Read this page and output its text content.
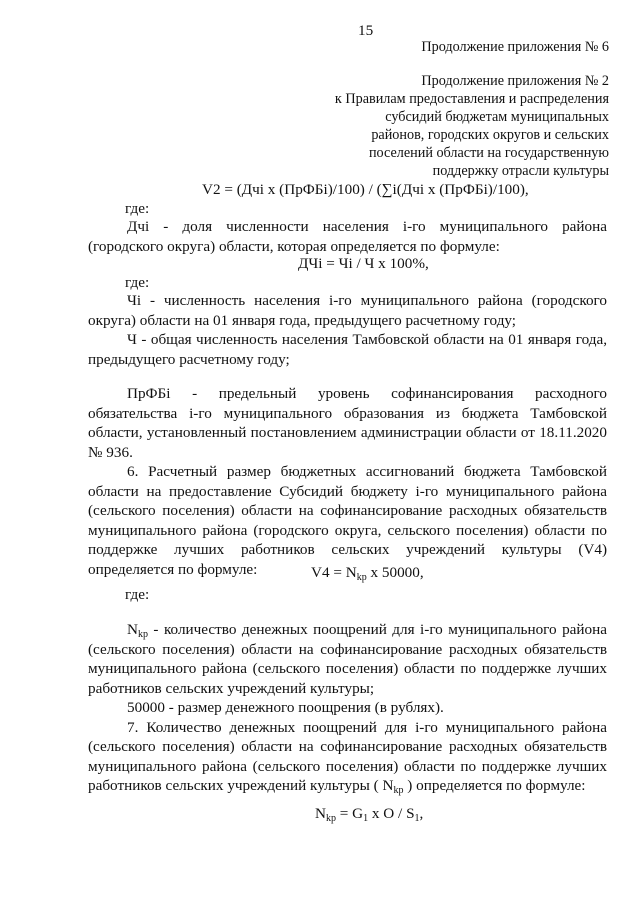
15
Продолжение приложения № 6
Продолжение приложения № 2
к Правилам предоставления и распределения
субсидий бюджетам муниципальных
районов, городских округов и сельских
поселений области на государственную
поддержку отрасли культуры
V2 = (Дчi х (ПрФБi)/100) / (∑i(Дчi х (ПрФБi)/100),
где:

Дчi - доля численности населения i-го муниципального района

(городского округа) области, которая определяется по формуле:

ДЧi = Чi / Ч х 100%,
где:

Чi - численность населения i-го муниципального района (городского округа) области на 01 января года, предыдущего расчетному году;

Ч - общая численность населения Тамбовской области на 01 января года, предыдущего расчетному году;

ПрФБi - предельный уровень софинансирования расходного обязательства i-го муниципального образования из бюджета Тамбовской области, установленный постановлением администрации области от 18.11.2020 № 936.

6. Расчетный размер бюджетных ассигнований бюджета Тамбовской области на предоставление Субсидий бюджету i-го муниципального района (сельского поселения) области на софинансирование расходных обязательств муниципального района (городского округа, сельского поселения) области по поддержке лучших работников сельских учреждений культуры (V4) определяется по формуле:	$V4 = N_{kp}$ х 50000,
где:

$N_{kp}$ - количество денежных поощрений для i-го муниципального района (сельского поселения) области на софинансирование расходных обязательств муниципального района (сельского поселения) области по поддержке лучших работников сельских учреждений культуры;

50000 - размер денежного поощрения (в рублях).

7. Количество денежных поощрений для i-го муниципального района (сельского поселения) области на софинансирование расходных обязательств муниципального района (сельского поселения) области по поддержке лучших работников сельских учреждений культуры ( $N_{kp}$ ) определяется по формуле:

$N_{kp} = G_1$ х O / $S_1$,
